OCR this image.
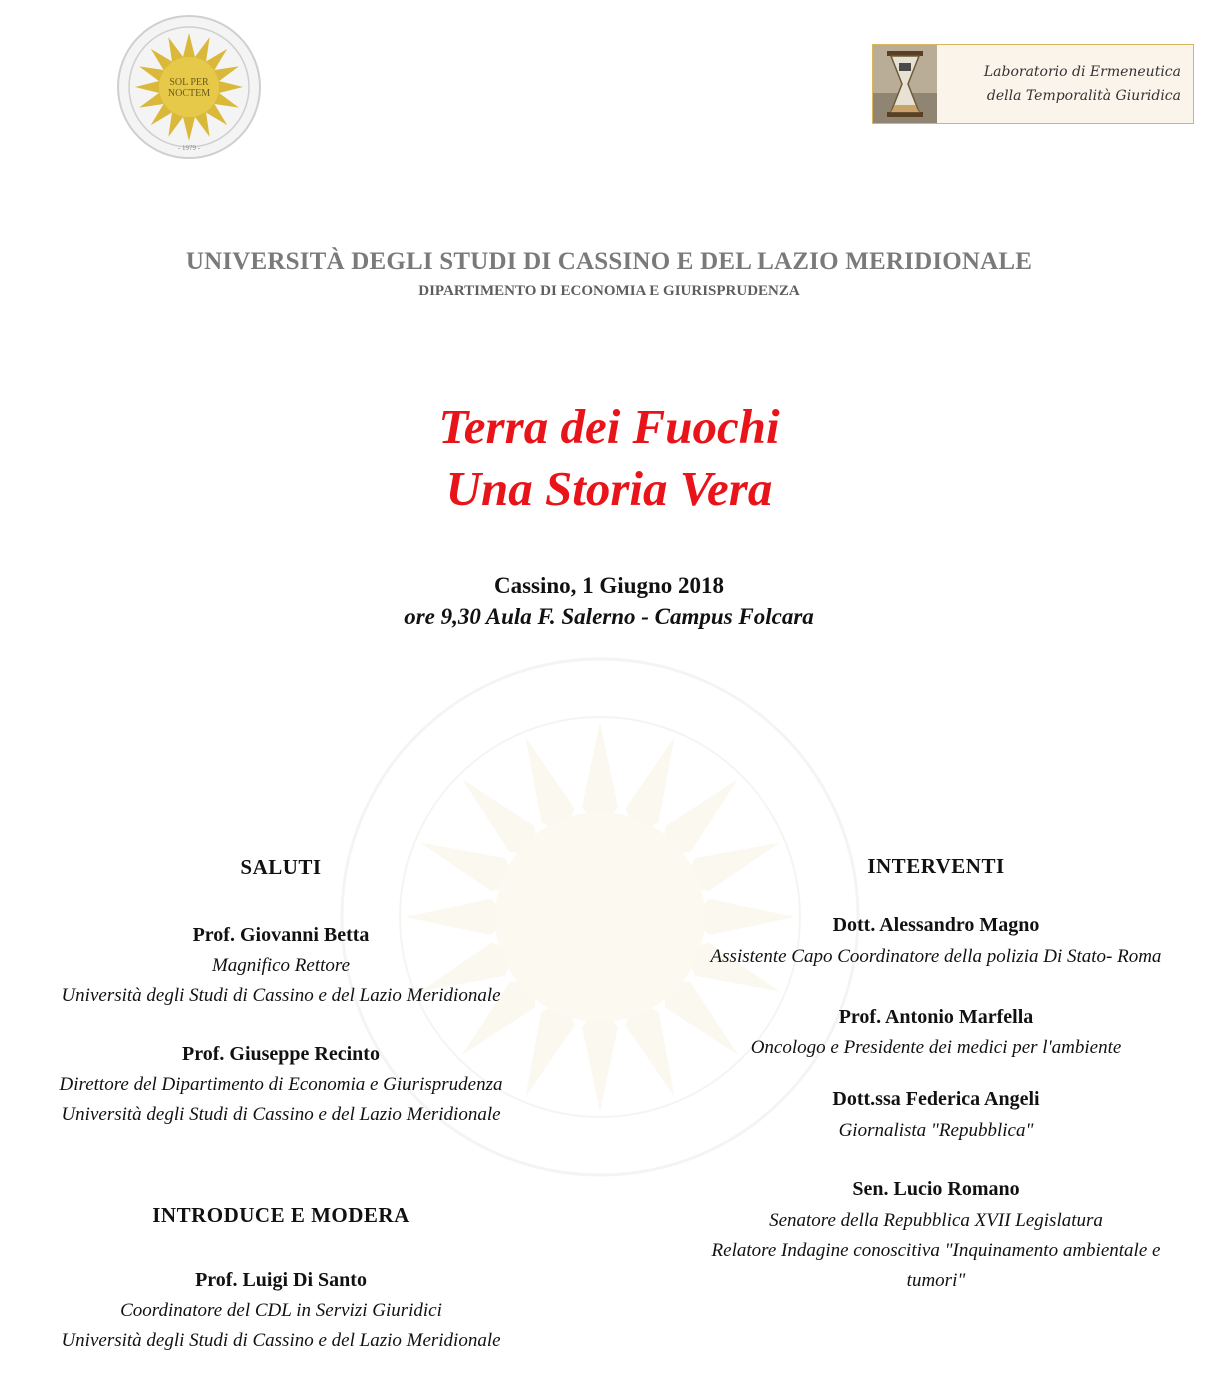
SOL PER
NOCTEM
- 1979 -
Laboratorio di Ermeneutica
della Temporalità Giuridica
UNIVERSITÀ DEGLI STUDI DI CASSINO E DEL LAZIO MERIDIONALE
DIPARTIMENTO DI ECONOMIA E GIURISPRUDENZA
Terra dei Fuochi
Una Storia Vera
Cassino, 1 Giugno 2018
ore 9,30 Aula F. Salerno - Campus Folcara
SALUTI
Prof. Giovanni Betta
Magnifico Rettore
Università degli Studi di Cassino e del Lazio Meridionale
Prof. Giuseppe Recinto
Direttore del Dipartimento di Economia e Giurisprudenza
Università degli Studi di Cassino e del Lazio Meridionale
INTRODUCE E MODERA
Prof. Luigi Di Santo
Coordinatore del CDL in Servizi Giuridici
Università degli Studi di Cassino e del Lazio Meridionale
INTERVENTI
Dott. Alessandro Magno
Assistente Capo Coordinatore della polizia Di Stato- Roma
Prof. Antonio Marfella
Oncologo e Presidente dei medici per l'ambiente
Dott.ssa Federica Angeli
Giornalista "Repubblica"
Sen. Lucio Romano
Senatore della Repubblica XVII Legislatura
Relatore Indagine conoscitiva "Inquinamento ambientale e
tumori"
